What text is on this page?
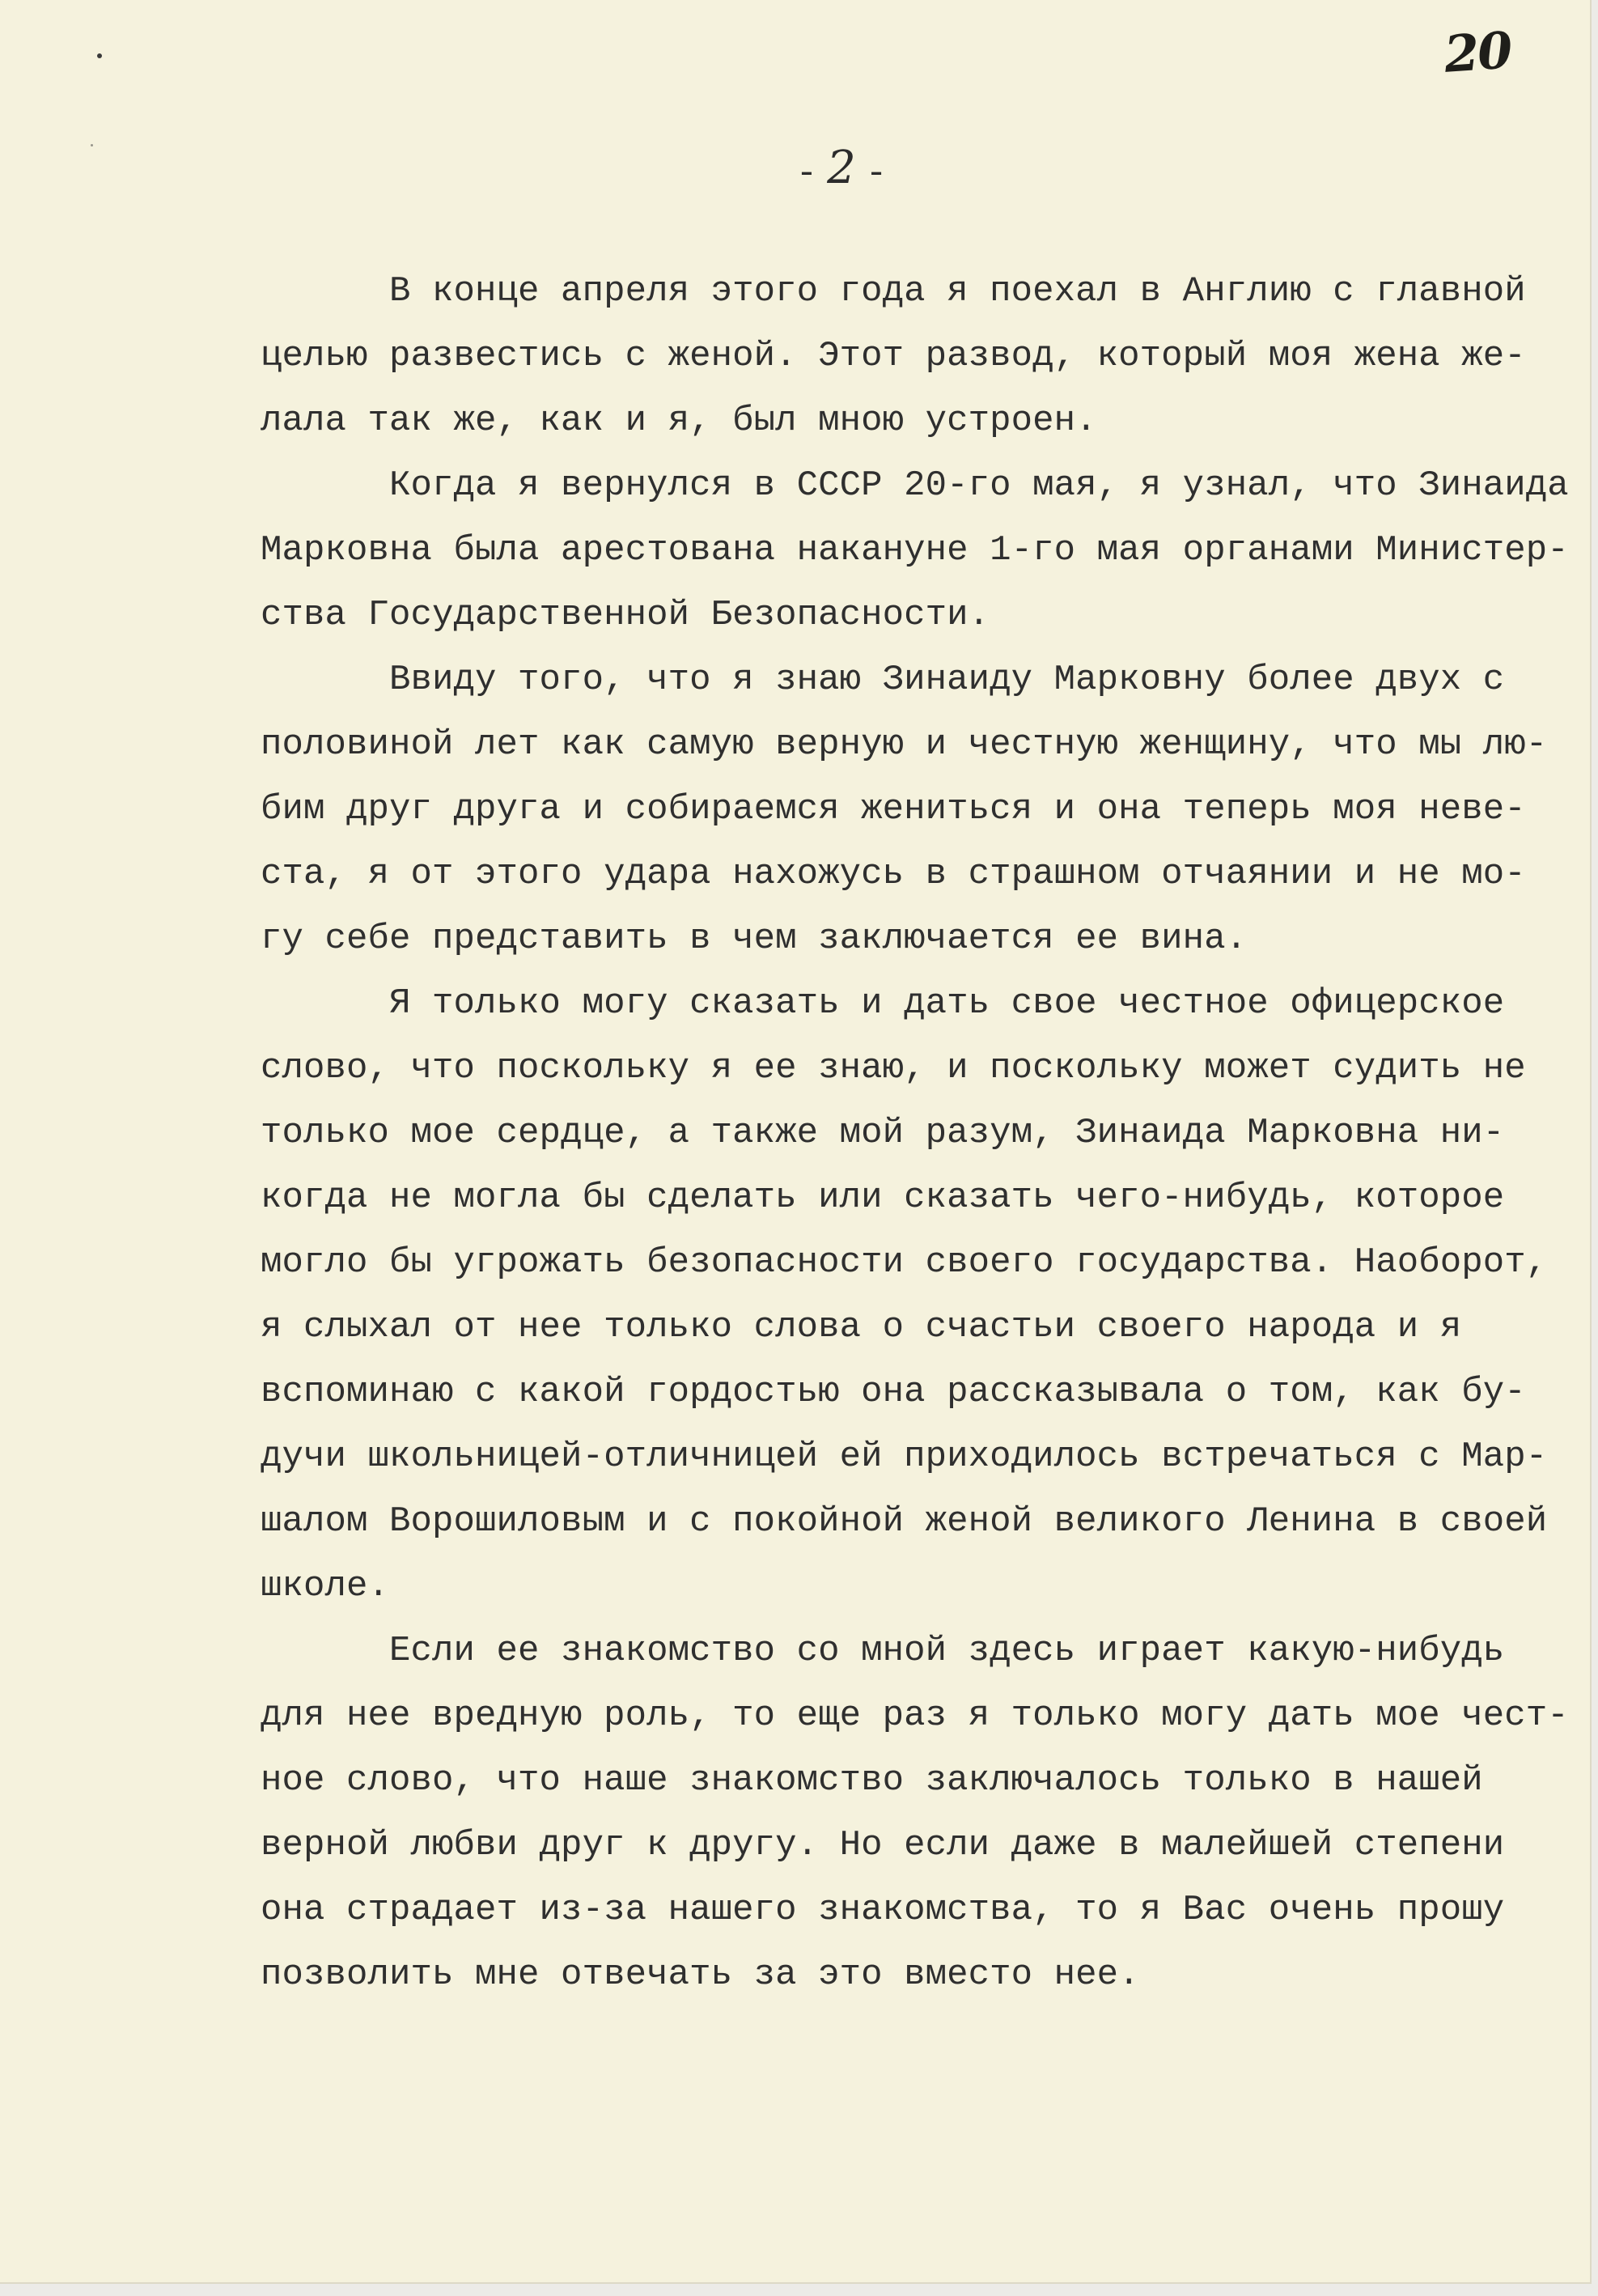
20
- 2 -
В конце апреля этого года я поехал в Англию с главной
целью развестись с женой. Этот развод, который моя жена же-
лала так же, как и я, был мною устроен.
Когда я вернулся в СССР 20-го мая, я узнал, что Зинаида
Марковна была арестована накануне 1-го мая органами Министер-
ства Государственной Безопасности.
Ввиду того, что я знаю Зинаиду Марковну более двух с
половиной лет как самую верную и честную женщину, что мы лю-
бим друг друга и собираемся жениться и она теперь моя неве-
ста, я от этого удара нахожусь в страшном отчаянии и не мо-
гу себе представить в чем заключается ее вина.
Я только могу сказать и дать свое честное офицерское
слово, что поскольку я ее знаю, и поскольку может судить не
только мое сердце, а также мой разум, Зинаида Марковна ни-
когда не могла бы сделать или сказать чего-нибудь, которое
могло бы угрожать безопасности своего государства. Наоборот,
я слыхал от нее только слова о счастьи своего народа и я
вспоминаю с какой гордостью она рассказывала о том, как бу-
дучи школьницей-отличницей ей приходилось встречаться с Мар-
шалом Ворошиловым и с покойной женой великого Ленина в своей
школе.
Если ее знакомство со мной здесь играет какую-нибудь
для нее вредную роль, то еще раз я только могу дать мое чест-
ное слово, что наше знакомство заключалось только в нашей
верной любви друг к другу. Но если даже в малейшей степени
она страдает из-за нашего знакомства, то я Вас очень прошу
позволить мне отвечать за это вместо нее.
